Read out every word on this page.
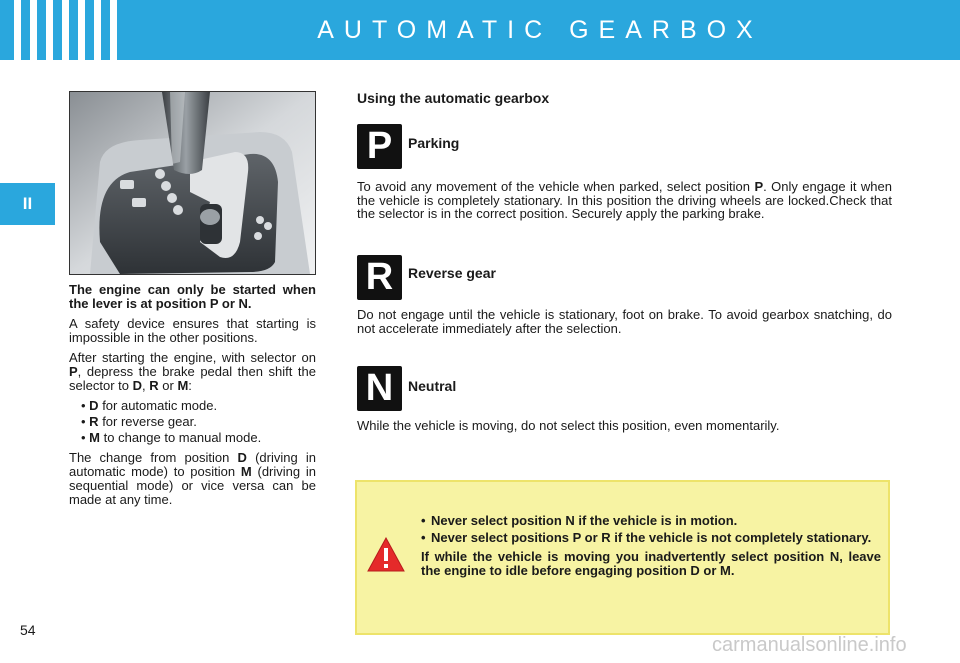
AUTOMATIC GEARBOX
II

The engine can only be started when the lever is at position P or N.

A safety device ensures that starting is impossible in the other positions.

After starting the engine, with selector on P, depress the brake pedal then shift the selector to D, R or M:

• D for automatic mode.
• R for reverse gear.
• M to change to manual mode.

The change from position D (driving in automatic mode) to position M (driving in sequential mode) or vice versa can be made at any time.

Using the automatic gearbox
P	Parking

To avoid any movement of the vehicle when parked, select position P. Only engage it when the vehicle is completely stationary. In this position the driving wheels are locked.Check that the selector is in the correct position. Securely apply the parking brake.

R	Reverse gear

Do not engage until the vehicle is stationary, foot on brake. To avoid gearbox snatching, do not accelerate immediately after the selection.

N	Neutral

While the vehicle is moving, do not select this position, even momentarily.

• Never select position N if the vehicle is in motion.
• Never select positions P or R if the vehicle is not completely stationary.

If while the vehicle is moving you inadvertently select position N, leave the engine to idle before engaging position D or M.

54
carmanualsonline.info
